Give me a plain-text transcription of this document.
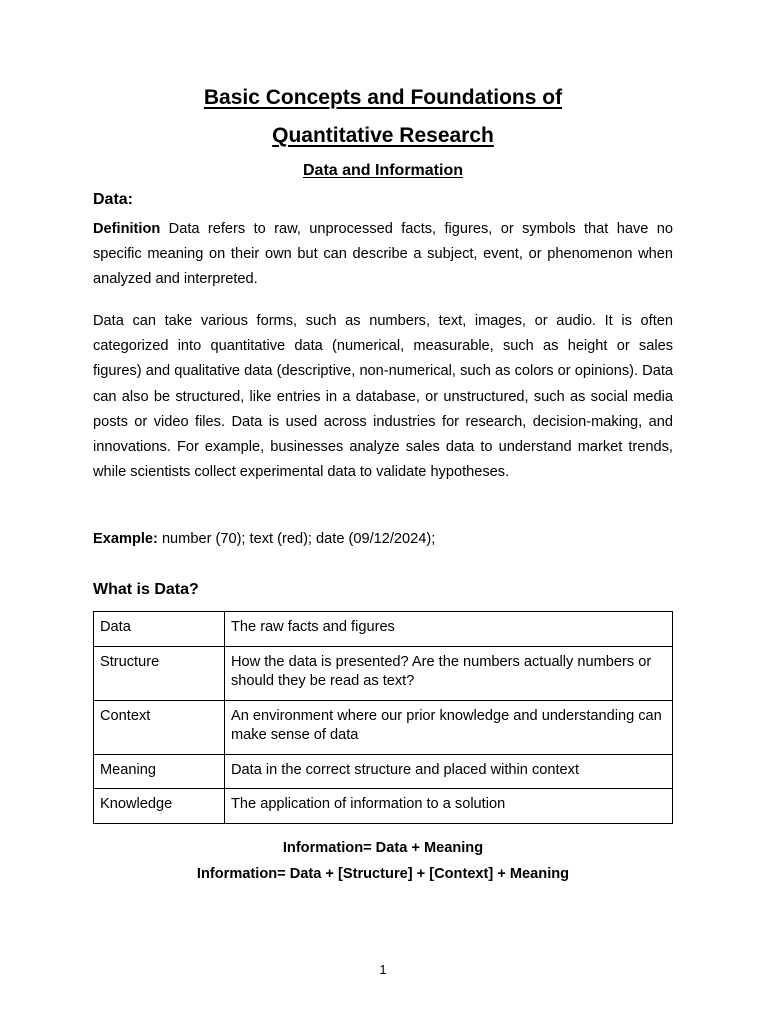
Basic Concepts and Foundations of
Quantitative Research
Data and Information
Data:

Definition Data refers to raw, unprocessed facts, figures, or symbols that have no specific meaning on their own but can describe a subject, event, or phenomenon when analyzed and interpreted.

Data can take various forms, such as numbers, text, images, or audio. It is often categorized into quantitative data (numerical, measurable, such as height or sales figures) and qualitative data (descriptive, non-numerical, such as colors or opinions). Data can also be structured, like entries in a database, or unstructured, such as social media posts or video files. Data is used across industries for research, decision-making, and innovations. For example, businesses analyze sales data to understand market trends, while scientists collect experimental data to validate hypotheses.

Example: number (70); text (red); date (09/12/2024);

What is Data?
Data	The raw facts and figures
Structure	How the data is presented? Are the numbers actually numbers or should they be read as text?
Context	An environment where our prior knowledge and understanding can make sense of data
Meaning	Data in the correct structure and placed within context
Knowledge	The application of information to a solution
Information= Data + Meaning
Information= Data + [Structure] + [Context] + Meaning
1
